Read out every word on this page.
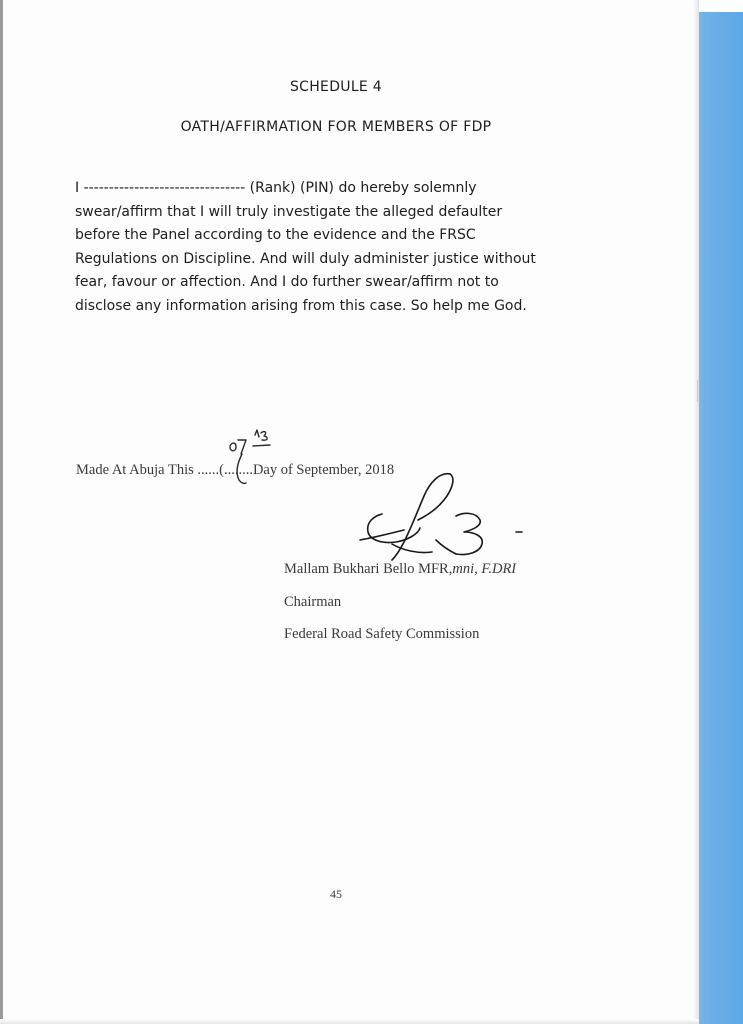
SCHEDULE 4
OATH/AFFIRMATION FOR MEMBERS OF FDP

I -------------------------------- (Rank) (PIN) do hereby solemnly
swear/affirm that I will truly investigate the alleged defaulter
before the Panel according to the evidence and the FRSC
Regulations on Discipline. And will duly administer justice without
fear, favour or affection. And I do further swear/affirm not to
disclose any information arising from this case. So help me God.

Made At Abuja This ......(........Day of September, 2018
Mallam Bukhari Bello MFR,mni, F.DRI
Chairman
Federal Road Safety Commission
45
